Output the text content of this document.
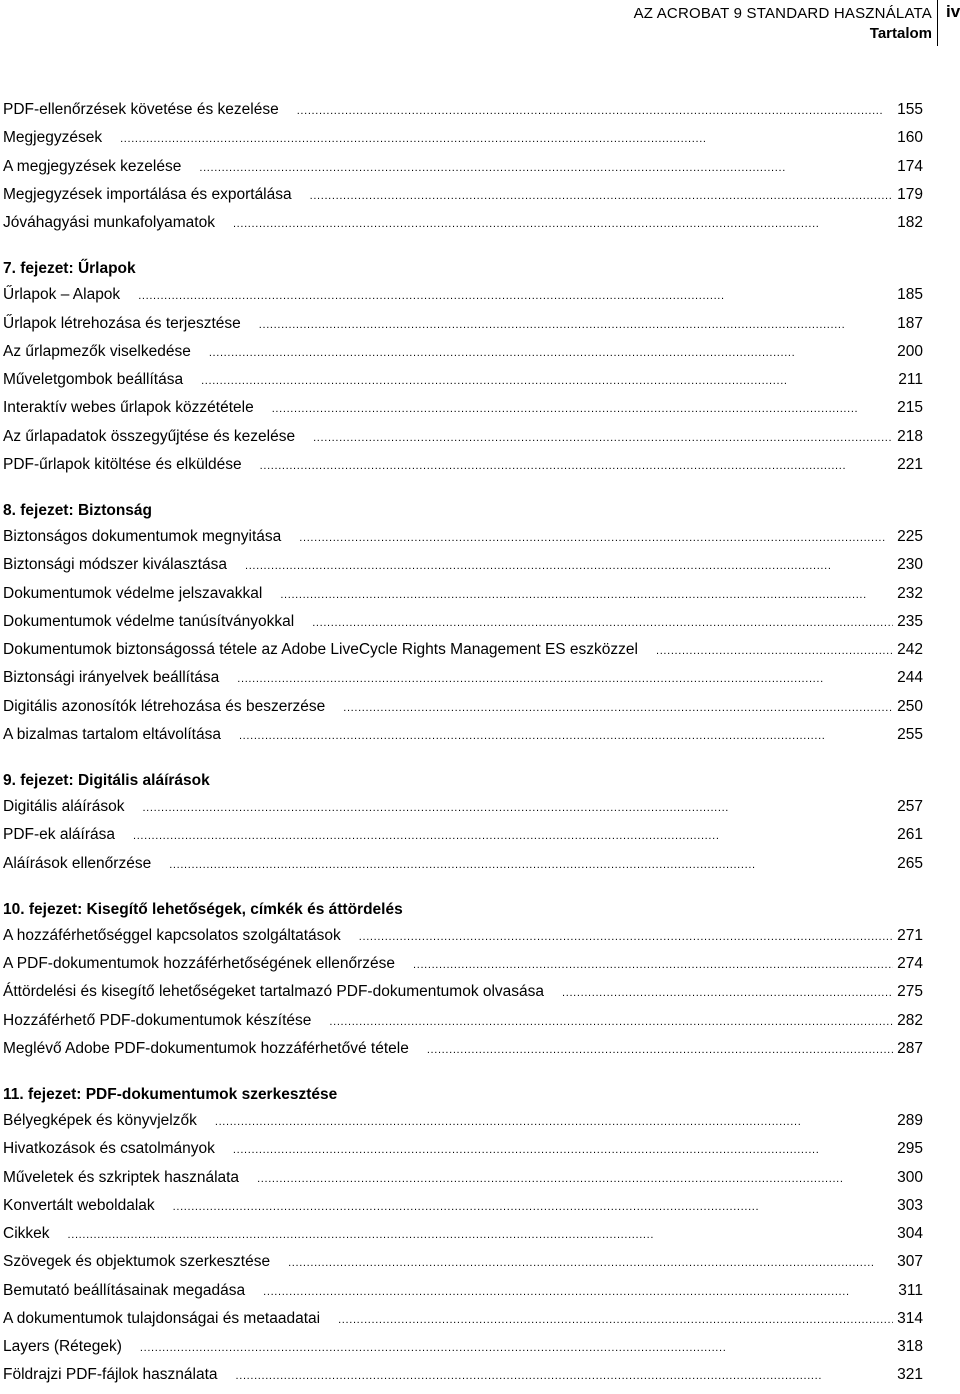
AZ ACROBAT 9 STANDARD HASZNÁLATA
Tartalom
iv
PDF-ellenőrzések követése és kezelése . . .	155
Megjegyzések . . .	160
A megjegyzések kezelése . . .	174
Megjegyzések importálása és exportálása . . .	179
Jóváhagyási munkafolyamatok . . .	182
7. fejezet: Űrlapok
Űrlapok – Alapok . . .	185
Űrlapok létrehozása és terjesztése . . .	187
Az űrlapmezők viselkedése . . .	200
Műveletgombok beállítása . . .	211
Interaktív webes űrlapok közzététele . . .	215
Az űrlapadatok összegyűjtése és kezelése . . .	218
PDF-űrlapok kitöltése és elküldése . . .	221
8. fejezet: Biztonság
Biztonságos dokumentumok megnyitása . . .	225
Biztonsági módszer kiválasztása . . .	230
Dokumentumok védelme jelszavakkal . . .	232
Dokumentumok védelme tanúsítványokkal . . .	235
Dokumentumok biztonságossá tétele az Adobe LiveCycle Rights Management ES eszközzel . . .	242
Biztonsági irányelvek beállítása . . .	244
Digitális azonosítók létrehozása és beszerzése . . .	250
A bizalmas tartalom eltávolítása . . .	255
9. fejezet: Digitális aláírások
Digitális aláírások . . .	257
PDF-ek aláírása . . .	261
Aláírások ellenőrzése . . .	265
10. fejezet: Kisegítő lehetőségek, címkék és áttördelés
A hozzáférhetőséggel kapcsolatos szolgáltatások . . .	271
A PDF-dokumentumok hozzáférhetőségének ellenőrzése . . .	274
Áttördelési és kisegítő lehetőségeket tartalmazó PDF-dokumentumok olvasása . . .	275
Hozzáférhető PDF-dokumentumok készítése . . .	282
Meglévő Adobe PDF-dokumentumok hozzáférhetővé tétele . . .	287
11. fejezet: PDF-dokumentumok szerkesztése
Bélyegképek és könyvjelzők . . .	289
Hivatkozások és csatolmányok . . .	295
Műveletek és szkriptek használata . . .	300
Konvertált weboldalak . . .	303
Cikkek . . .	304
Szövegek és objektumok szerkesztése . . .	307
Bemutató beállításainak megadása . . .	311
A dokumentumok tulajdonságai és metaadatai . . .	314
Layers (Rétegek) . . .	318
Földrajzi PDF-fájlok használata . . .	321
